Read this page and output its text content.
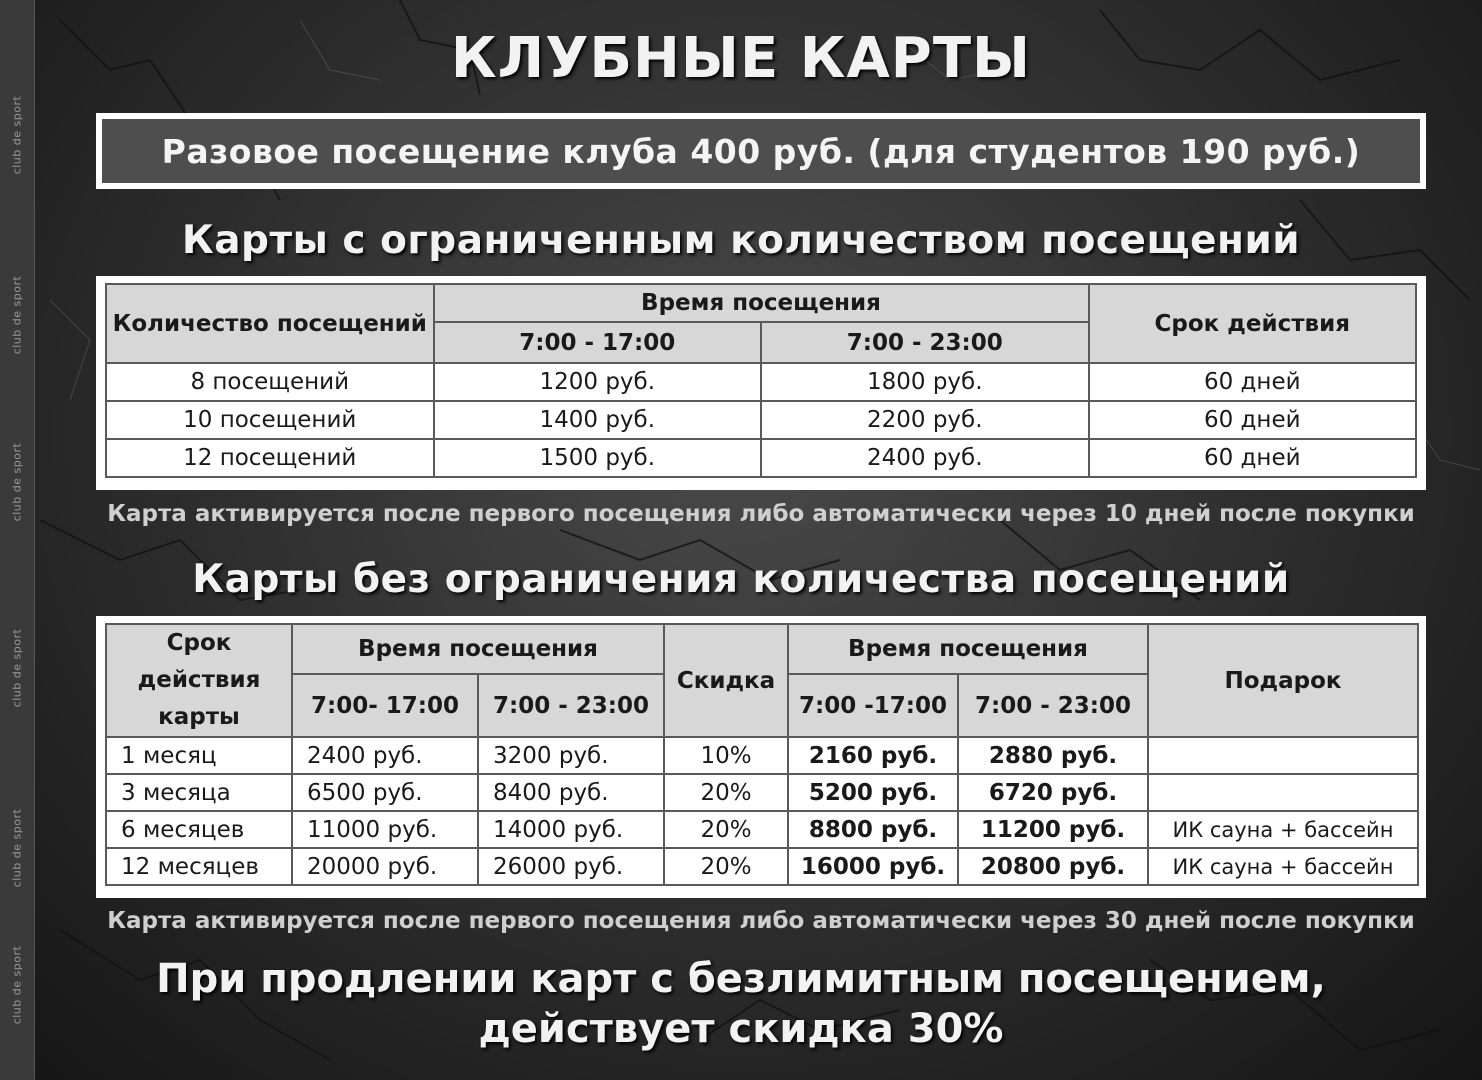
club de sport
club de sport
club de sport
club de sport
club de sport
club de sport
КЛУБНЫЕ КАРТЫ
Разовое посещение клуба 400 руб. (для студентов 190 руб.)
Карты с ограниченным количеством посещений
Количество посещений	Время посещения		Срок действия
	7:00 - 17:00	7:00 - 23:00	
8 посещений	1200 руб.	1800 руб.	60 дней
10 посещений	1400 руб.	2200 руб.	60 дней
12 посещений	1500 руб.	2400 руб.	60 дней
Карта активируется после первого посещения либо автоматически через 10 дней после покупки
Карты без ограничения количества посещений
Срок действия карты	Время посещения		Скидка	Время посещения		Подарок
	7:00- 17:00	7:00 - 23:00		7:00 -17:00	7:00 - 23:00	
1 месяц	2400 руб.	3200 руб.	10%	2160 руб.	2880 руб.	
3 месяца	6500 руб.	8400 руб.	20%	5200 руб.	6720 руб.	
6 месяцев	11000 руб.	14000 руб.	20%	8800 руб.	11200 руб.	ИК сауна + бассейн
12 месяцев	20000 руб.	26000 руб.	20%	16000 руб.	20800 руб.	ИК сауна + бассейн
Карта активируется после первого посещения либо автоматически через 30 дней после покупки
При продлении карт с безлимитным посещением,
действует скидка 30%
